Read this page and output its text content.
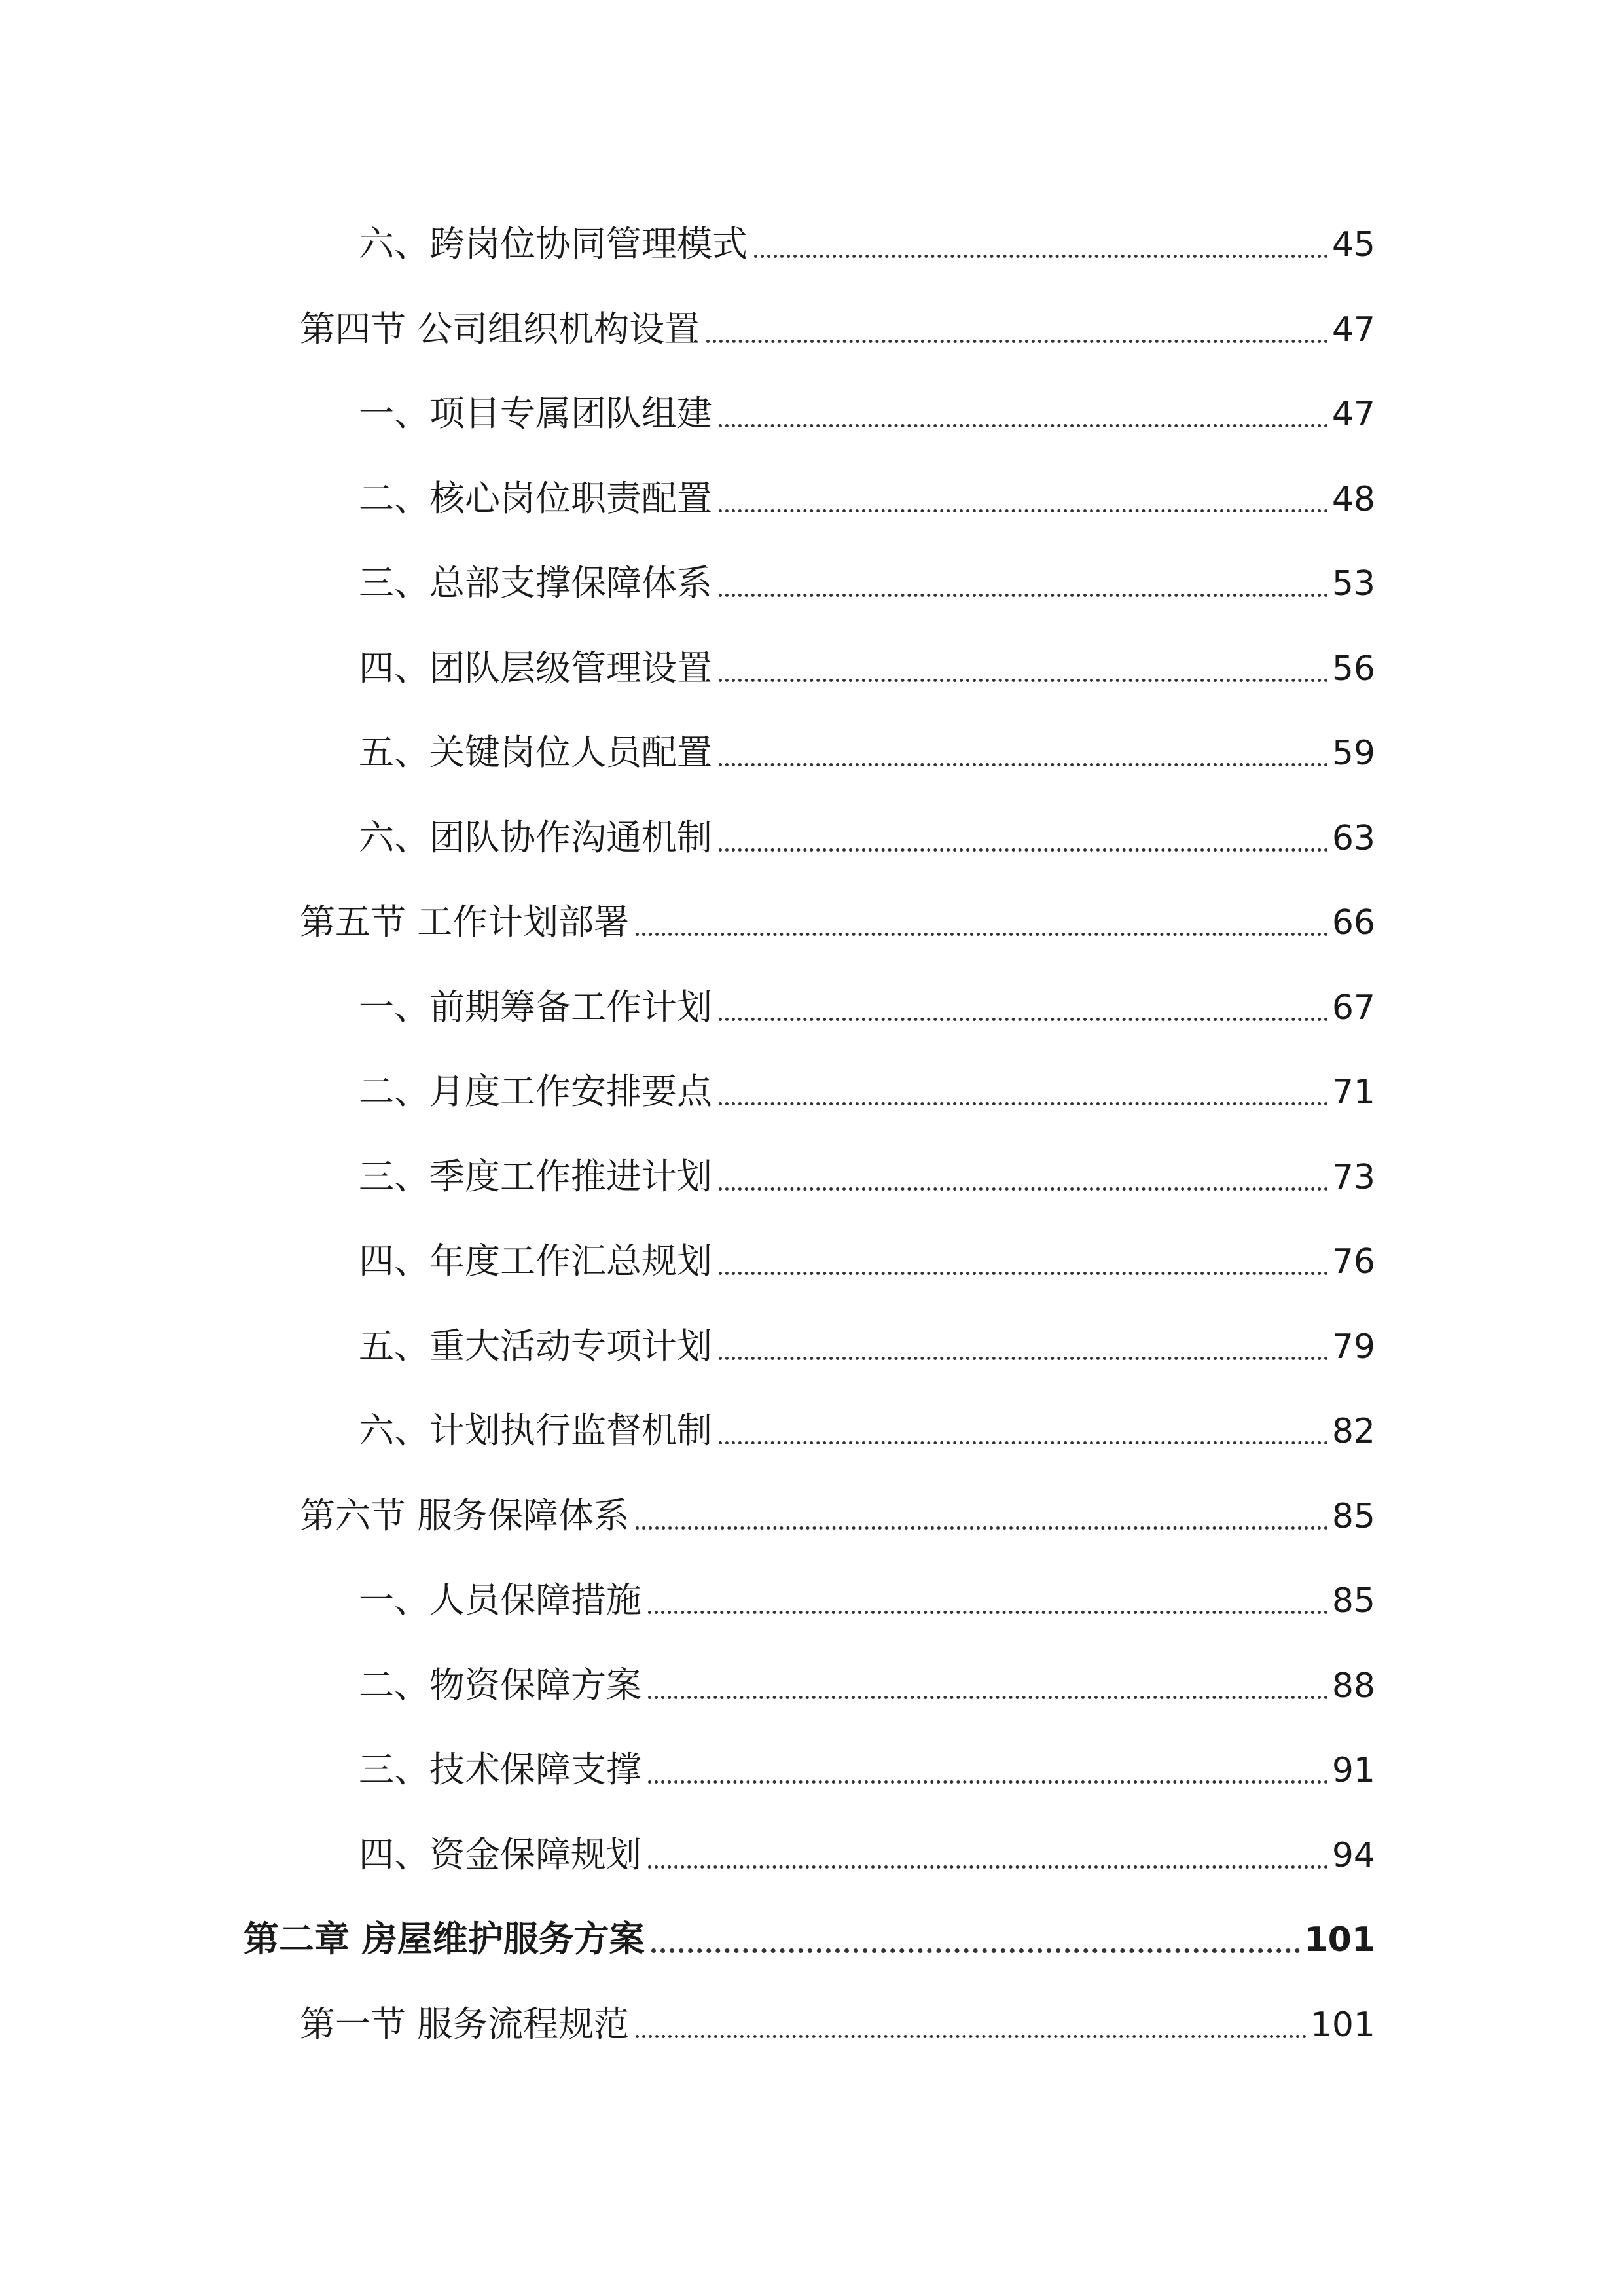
六、跨岗位协同管理模式	45
第四节 公司组织机构设置	47
一、项目专属团队组建	47
二、核心岗位职责配置	48
三、总部支撑保障体系	53
四、团队层级管理设置	56
五、关键岗位人员配置	59
六、团队协作沟通机制	63
第五节 工作计划部署	66
一、前期筹备工作计划	67
二、月度工作安排要点	71
三、季度工作推进计划	73
四、年度工作汇总规划	76
五、重大活动专项计划	79
六、计划执行监督机制	82
第六节 服务保障体系	85
一、人员保障措施	85
二、物资保障方案	88
三、技术保障支撑	91
四、资金保障规划	94
第二章 房屋维护服务方案	101
第一节 服务流程规范	101
